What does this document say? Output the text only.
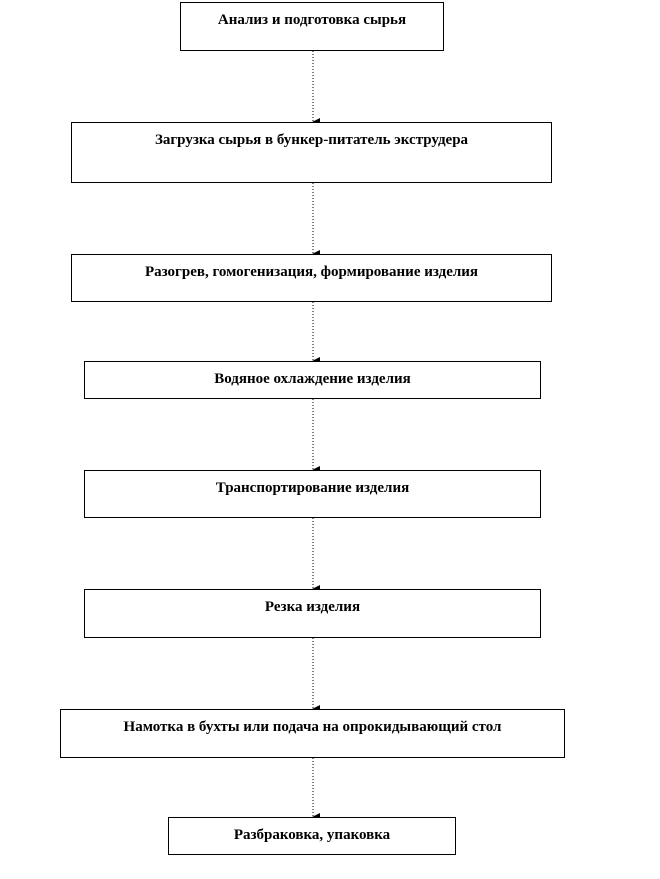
Анализ и подготовка сырья
Загрузка сырья в бункер-питатель экструдера
Разогрев, гомогенизация, формирование изделия
Водяное охлаждение изделия
Транспортирование изделия
Резка изделия
Намотка в бухты или подача на опрокидывающий стол
Разбраковка, упаковка
